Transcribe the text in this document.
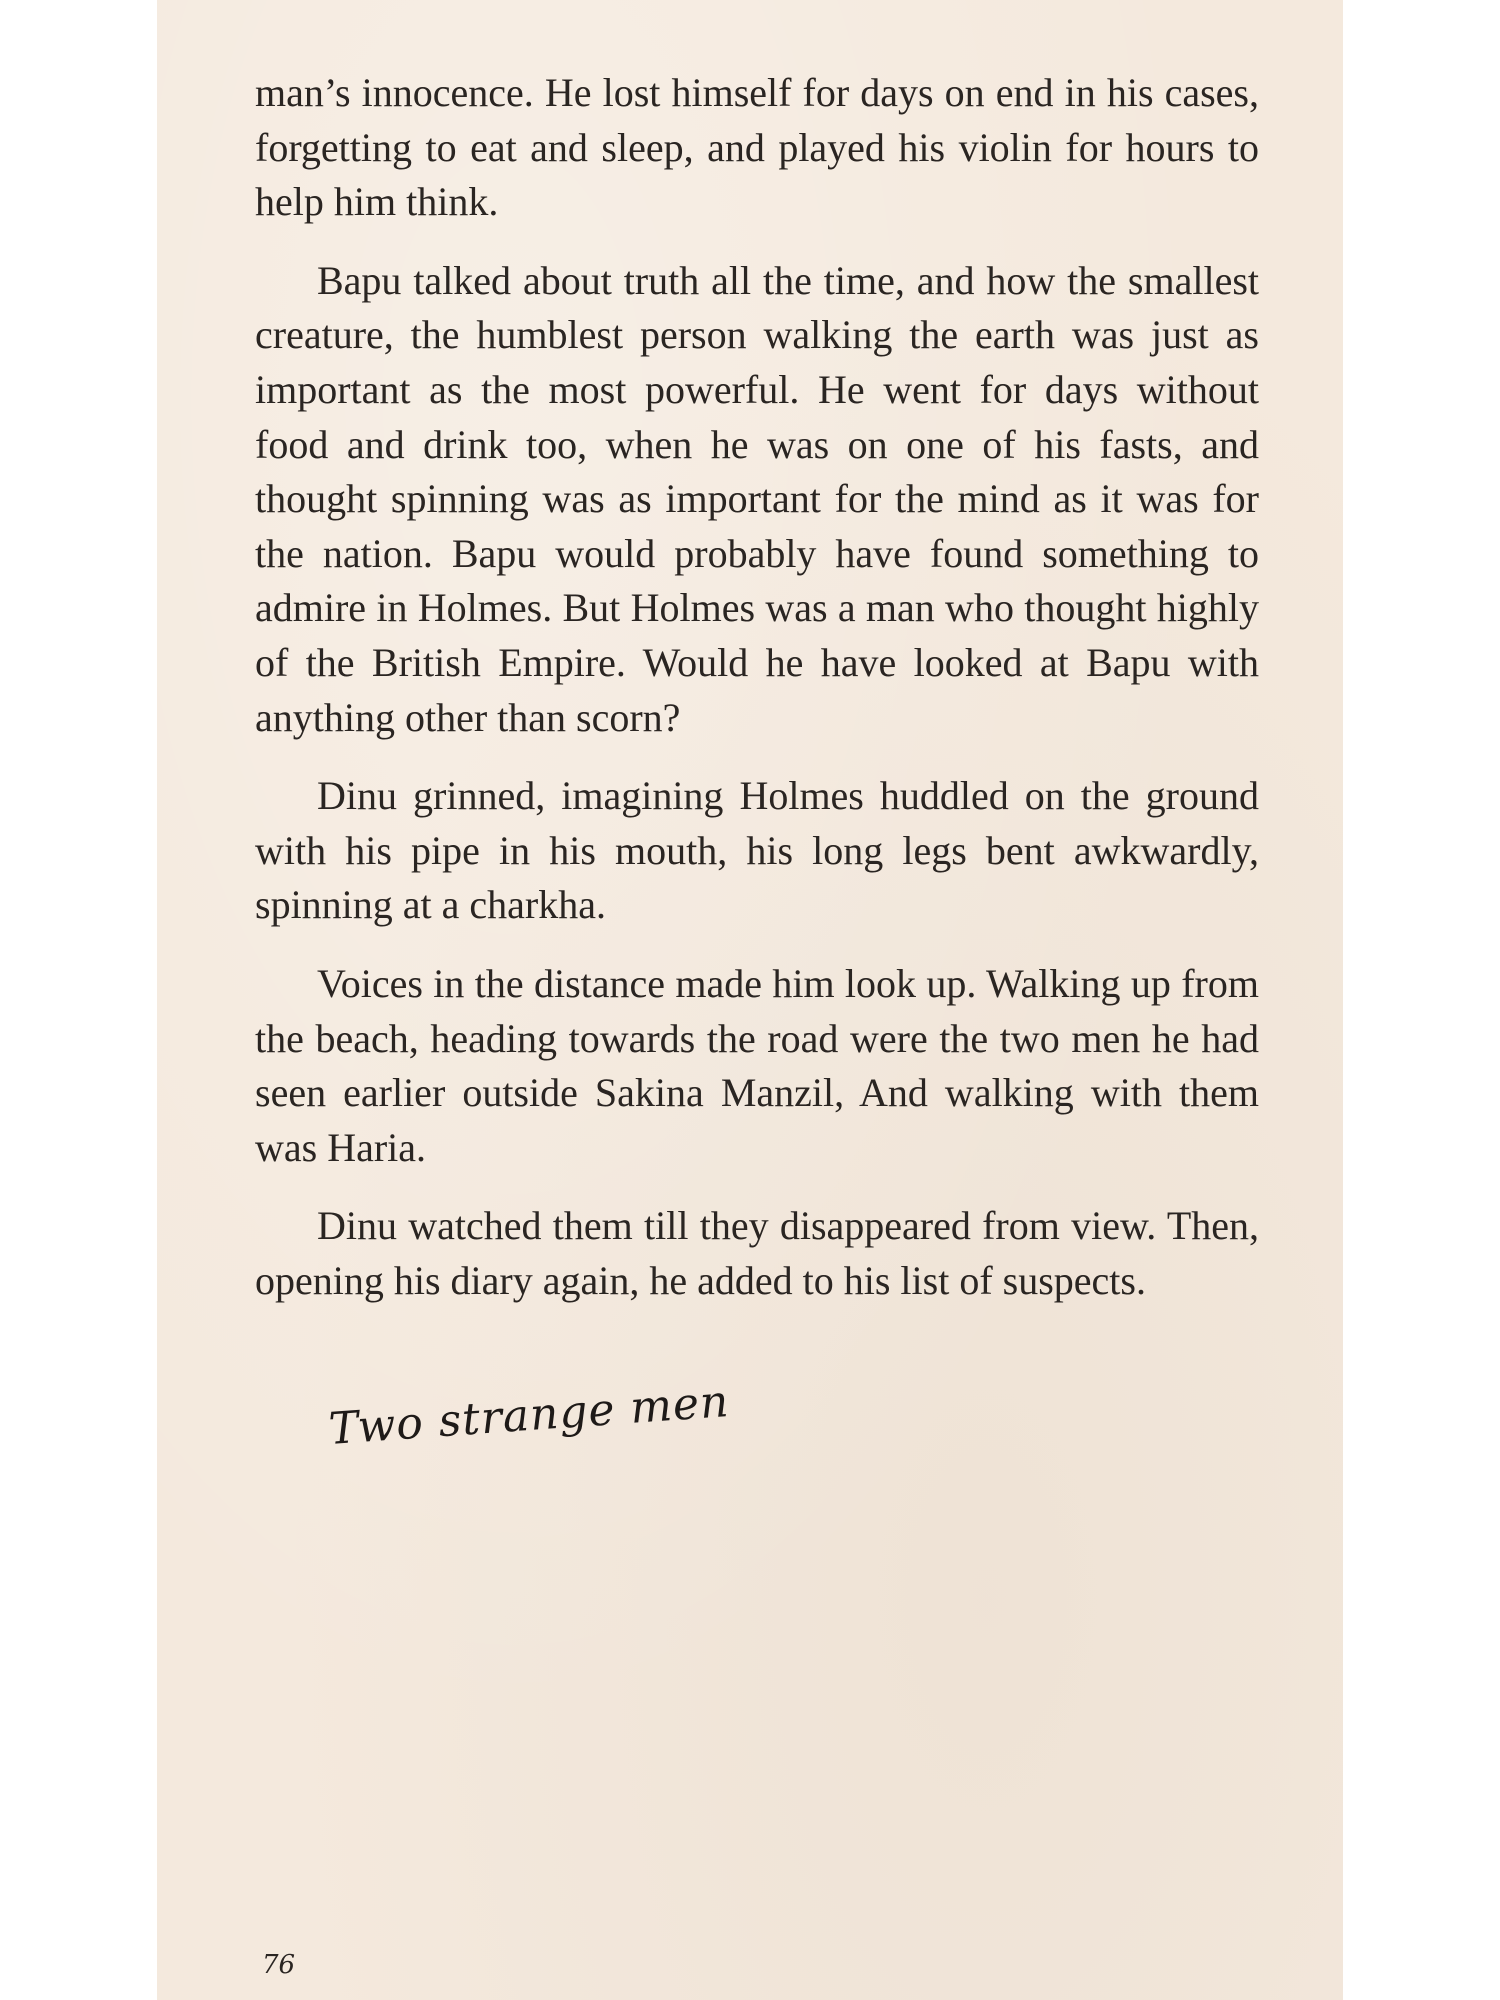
man’s innocence. He lost himself for days on end in his cases, forgetting to eat and sleep, and played his violin for hours to help him think.

Bapu talked about truth all the time, and how the smallest creature, the humblest person walking the earth was just as important as the most powerful. He went for days without food and drink too, when he was on one of his fasts, and thought spinning was as important for the mind as it was for the nation. Bapu would probably have found something to admire in Holmes. But Holmes was a man who thought highly of the British Empire. Would he have looked at Bapu with anything other than scorn?

Dinu grinned, imagining Holmes huddled on the ground with his pipe in his mouth, his long legs bent awkwardly, spinning at a charkha.

Voices in the distance made him look up. Walking up from the beach, heading towards the road were the two men he had seen earlier outside Sakina Manzil, And walking with them was Haria.

Dinu watched them till they disappeared from view. Then, opening his diary again, he added to his list of suspects.

Two strange men
76
